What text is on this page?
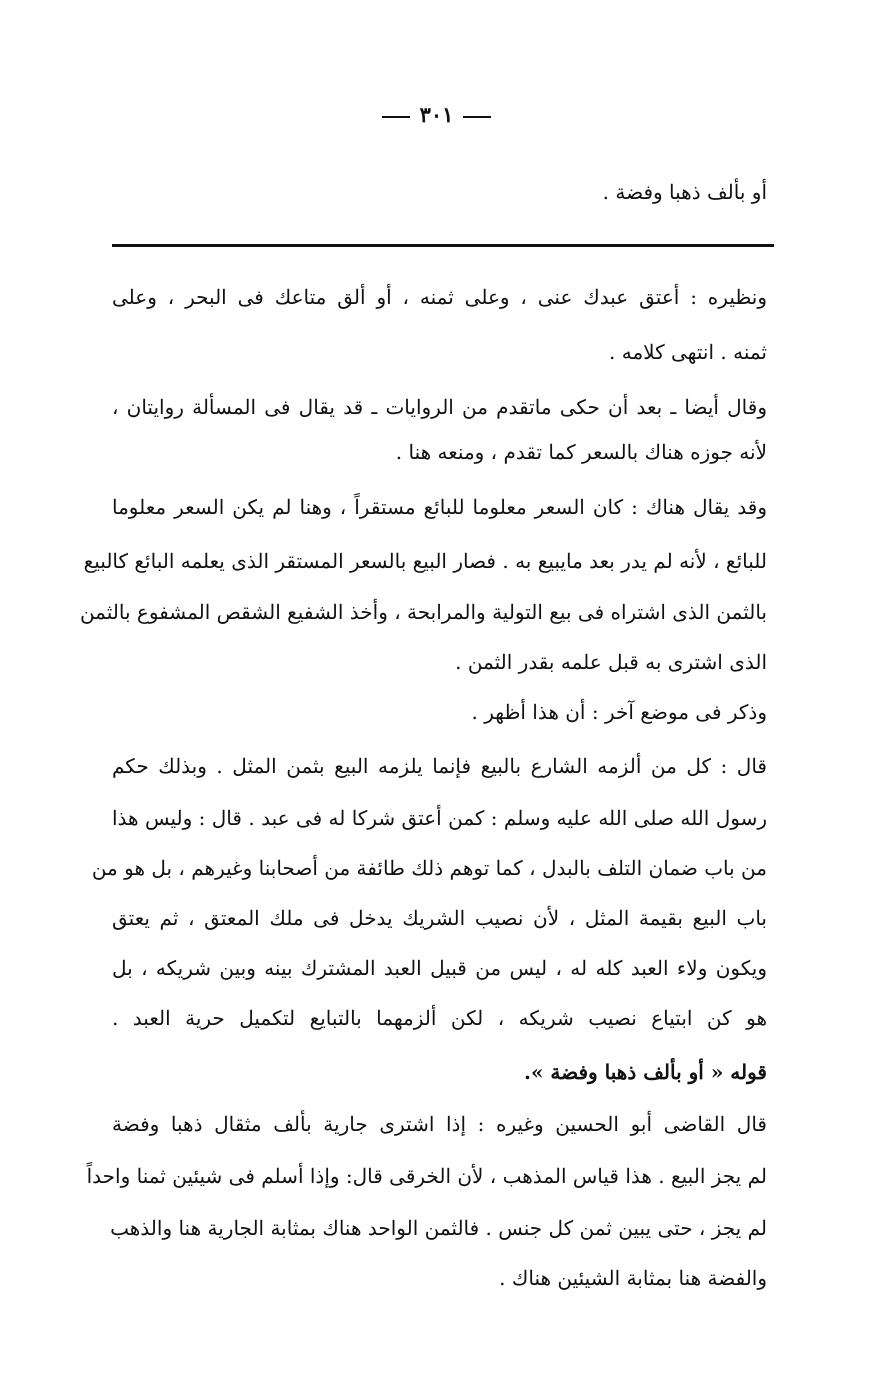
٣٠١
أو بألف ذهبا وفضة .
ونظيره : أعتق عبدك عنى ، وعلى ثمنه ، أو ألق متاعك فى البحر ، وعلى
ثمنه . انتهى كلامه .
وقال أيضا ـ بعد أن حكى ماتقدم من الروايات ـ قد يقال فى المسألة روايتان ،
لأنه جوزه هناك بالسعر كما تقدم ، ومنعه هنا .
وقد يقال هناك : كان السعر معلوما للبائع مستقراً ، وهنا لم يكن السعر معلوما
للبائع ، لأنه لم يدر بعد مايبيع به . فصار البيع بالسعر المستقر الذى يعلمه البائع كالبيع
بالثمن الذى اشتراه فى بيع التولية والمرابحة ، وأخذ الشفيع الشقص المشفوع بالثمن
الذى اشترى به قبل علمه بقدر الثمن .
وذكر فى موضع آخر : أن هذا أظهر .
قال : كل من ألزمه الشارع بالبيع فإنما يلزمه البيع بثمن المثل . وبذلك حكم
رسول الله صلى الله عليه وسلم : كمن أعتق شركا له فى عبد . قال : وليس هذا
من باب ضمان التلف بالبدل ، كما توهم ذلك طائفة من أصحابنا وغيرهم ، بل هو من
باب البيع بقيمة المثل ، لأن نصيب الشريك يدخل فى ملك المعتق ، ثم يعتق
ويكون ولاء العبد كله له ، ليس من قبيل العبد المشترك بينه وبين شريكه ، بل
هو كن ابتياع نصيب شريكه ، لكن ألزمهما بالتبايع لتكميل حرية العبد .
قوله « أو بألف ذهبا وفضة ».
قال القاضى أبو الحسين وغيره : إذا اشترى جارية بألف مثقال ذهبا وفضة
لم يجز البيع . هذا قياس المذهب ، لأن الخرقى قال: وإذا أسلم فى شيئين ثمنا واحداً
لم يجز ، حتى يبين ثمن كل جنس . فالثمن الواحد هناك بمثابة الجارية هنا والذهب
والفضة هنا بمثابة الشيئين هناك .
